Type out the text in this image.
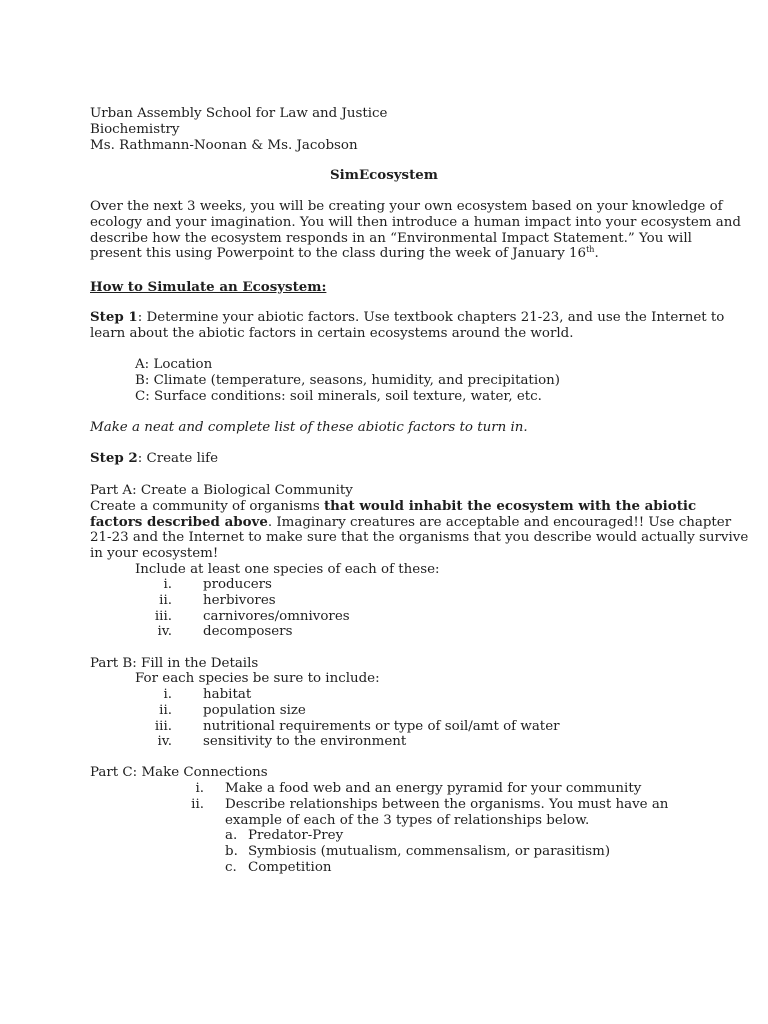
Urban Assembly School for Law and Justice
Biochemistry
Ms. Rathmann-Noonan & Ms. Jacobson
SimEcosystem
Over the next 3 weeks, you will be creating your own ecosystem based on your knowledge of
ecology and your imagination. You will then introduce a human impact into your ecosystem and
describe how the ecosystem responds in an “Environmental Impact Statement.” You will
present this using Powerpoint to the class during the week of January 16th.
How to Simulate an Ecosystem:
Step 1: Determine your abiotic factors. Use textbook chapters 21-23, and use the Internet to
learn about the abiotic factors in certain ecosystems around the world.
A: Location
B: Climate (temperature, seasons, humidity, and precipitation)
C: Surface conditions: soil minerals, soil texture, water, etc.
Make a neat and complete list of these abiotic factors to turn in.
Step 2: Create life
Part A: Create a Biological Community
Create a community of organisms that would inhabit the ecosystem with the abiotic
factors described above. Imaginary creatures are acceptable and encouraged!! Use chapter
21-23 and the Internet to make sure that the organisms that you describe would actually survive
in your ecosystem!
Include at least one species of each of these:
i. producers
ii. herbivores
iii. carnivores/omnivores
iv. decomposers
Part B: Fill in the Details
For each species be sure to include:
i. habitat
ii. population size
iii. nutritional requirements or type of soil/amt of water
iv. sensitivity to the environment
Part C: Make Connections
i. Make a food web and an energy pyramid for your community
ii. Describe relationships between the organisms. You must have an
example of each of the 3 types of relationships below.
a. Predator-Prey
b. Symbiosis (mutualism, commensalism, or parasitism)
c. Competition
